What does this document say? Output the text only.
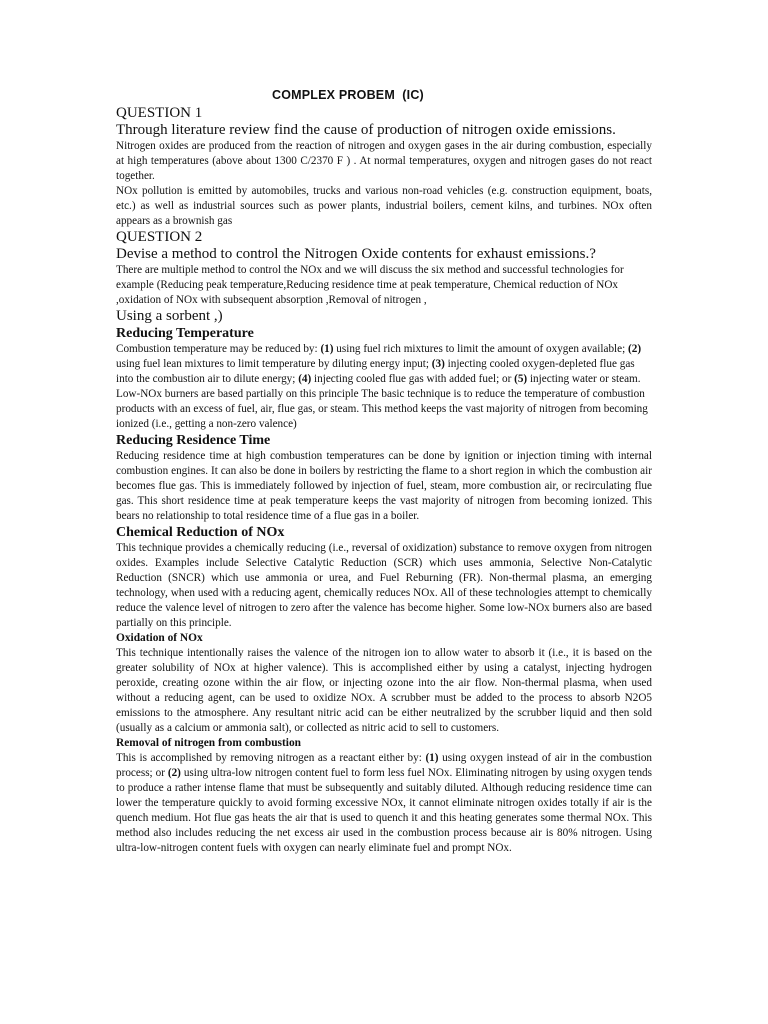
COMPLEX PROBEM  (IC)

QUESTION 1

Through literature review find the cause of production of nitrogen oxide emissions.

Nitrogen oxides are produced from the reaction of nitrogen and oxygen gases in the air during combustion, especially at high temperatures (above about 1300 C/2370 F ) . At normal temperatures, oxygen and nitrogen gases do not react together.

NOx pollution is emitted by automobiles, trucks and various non-road vehicles (e.g. construction equipment, boats, etc.) as well as industrial sources such as power plants, industrial boilers, cement kilns, and turbines. NOx often appears as a brownish gas

QUESTION 2

Devise a method to control the Nitrogen Oxide contents for exhaust emissions.?

There are multiple method to control the NOx and we will discuss the six method and successful technologies for example (Reducing peak temperature,Reducing residence time at peak temperature, Chemical reduction of NOx ,oxidation of NOx with subsequent absorption ,Removal of nitrogen ,

Using a sorbent ,)

Reducing Temperature

Combustion temperature may be reduced by: (1) using fuel rich mixtures to limit the amount of oxygen available; (2) using fuel lean mixtures to limit temperature by diluting energy input; (3) injecting cooled oxygen-depleted flue gas into the combustion air to dilute energy; (4) injecting cooled flue gas with added fuel; or (5) injecting water or steam. Low-NOx burners are based partially on this principle The basic technique is to reduce the temperature of combustion products with an excess of fuel, air, flue gas, or steam. This method keeps the vast majority of nitrogen from becoming ionized (i.e., getting a non-zero valence)

Reducing Residence Time

Reducing residence time at high combustion temperatures can be done by ignition or injection timing with internal combustion engines. It can also be done in boilers by restricting the flame to a short region in which the combustion air becomes flue gas. This is immediately followed by injection of fuel, steam, more combustion air, or recirculating flue gas. This short residence time at peak temperature keeps the vast majority of nitrogen from becoming ionized. This bears no relationship to total residence time of a flue gas in a boiler.

Chemical Reduction of NOx

This technique provides a chemically reducing (i.e., reversal of oxidization) substance to remove oxygen from nitrogen oxides. Examples include Selective Catalytic Reduction (SCR) which uses ammonia, Selective Non-Catalytic Reduction (SNCR) which use ammonia or urea, and Fuel Reburning (FR). Non-thermal plasma, an emerging technology, when used with a reducing agent, chemically reduces NOx. All of these technologies attempt to chemically reduce the valence level of nitrogen to zero after the valence has become higher. Some low-NOx burners also are based partially on this principle.

Oxidation of NOx

This technique intentionally raises the valence of the nitrogen ion to allow water to absorb it (i.e., it is based on the greater solubility of NOx at higher valence). This is accomplished either by using a catalyst, injecting hydrogen peroxide, creating ozone within the air flow, or injecting ozone into the air flow. Non-thermal plasma, when used without a reducing agent, can be used to oxidize NOx. A scrubber must be added to the process to absorb N2O5 emissions to the atmosphere. Any resultant nitric acid can be either neutralized by the scrubber liquid and then sold (usually as a calcium or ammonia salt), or collected as nitric acid to sell to customers.

Removal of nitrogen from combustion

This is accomplished by removing nitrogen as a reactant either by: (1) using oxygen instead of air in the combustion process; or (2) using ultra-low nitrogen content fuel to form less fuel NOx. Eliminating nitrogen by using oxygen tends to produce a rather intense flame that must be subsequently and suitably diluted. Although reducing residence time can lower the temperature quickly to avoid forming excessive NOx, it cannot eliminate nitrogen oxides totally if air is the quench medium. Hot flue gas heats the air that is used to quench it and this heating generates some thermal NOx. This method also includes reducing the net excess air used in the combustion process because air is 80% nitrogen. Using ultra-low-nitrogen content fuels with oxygen can nearly eliminate fuel and prompt NOx.
